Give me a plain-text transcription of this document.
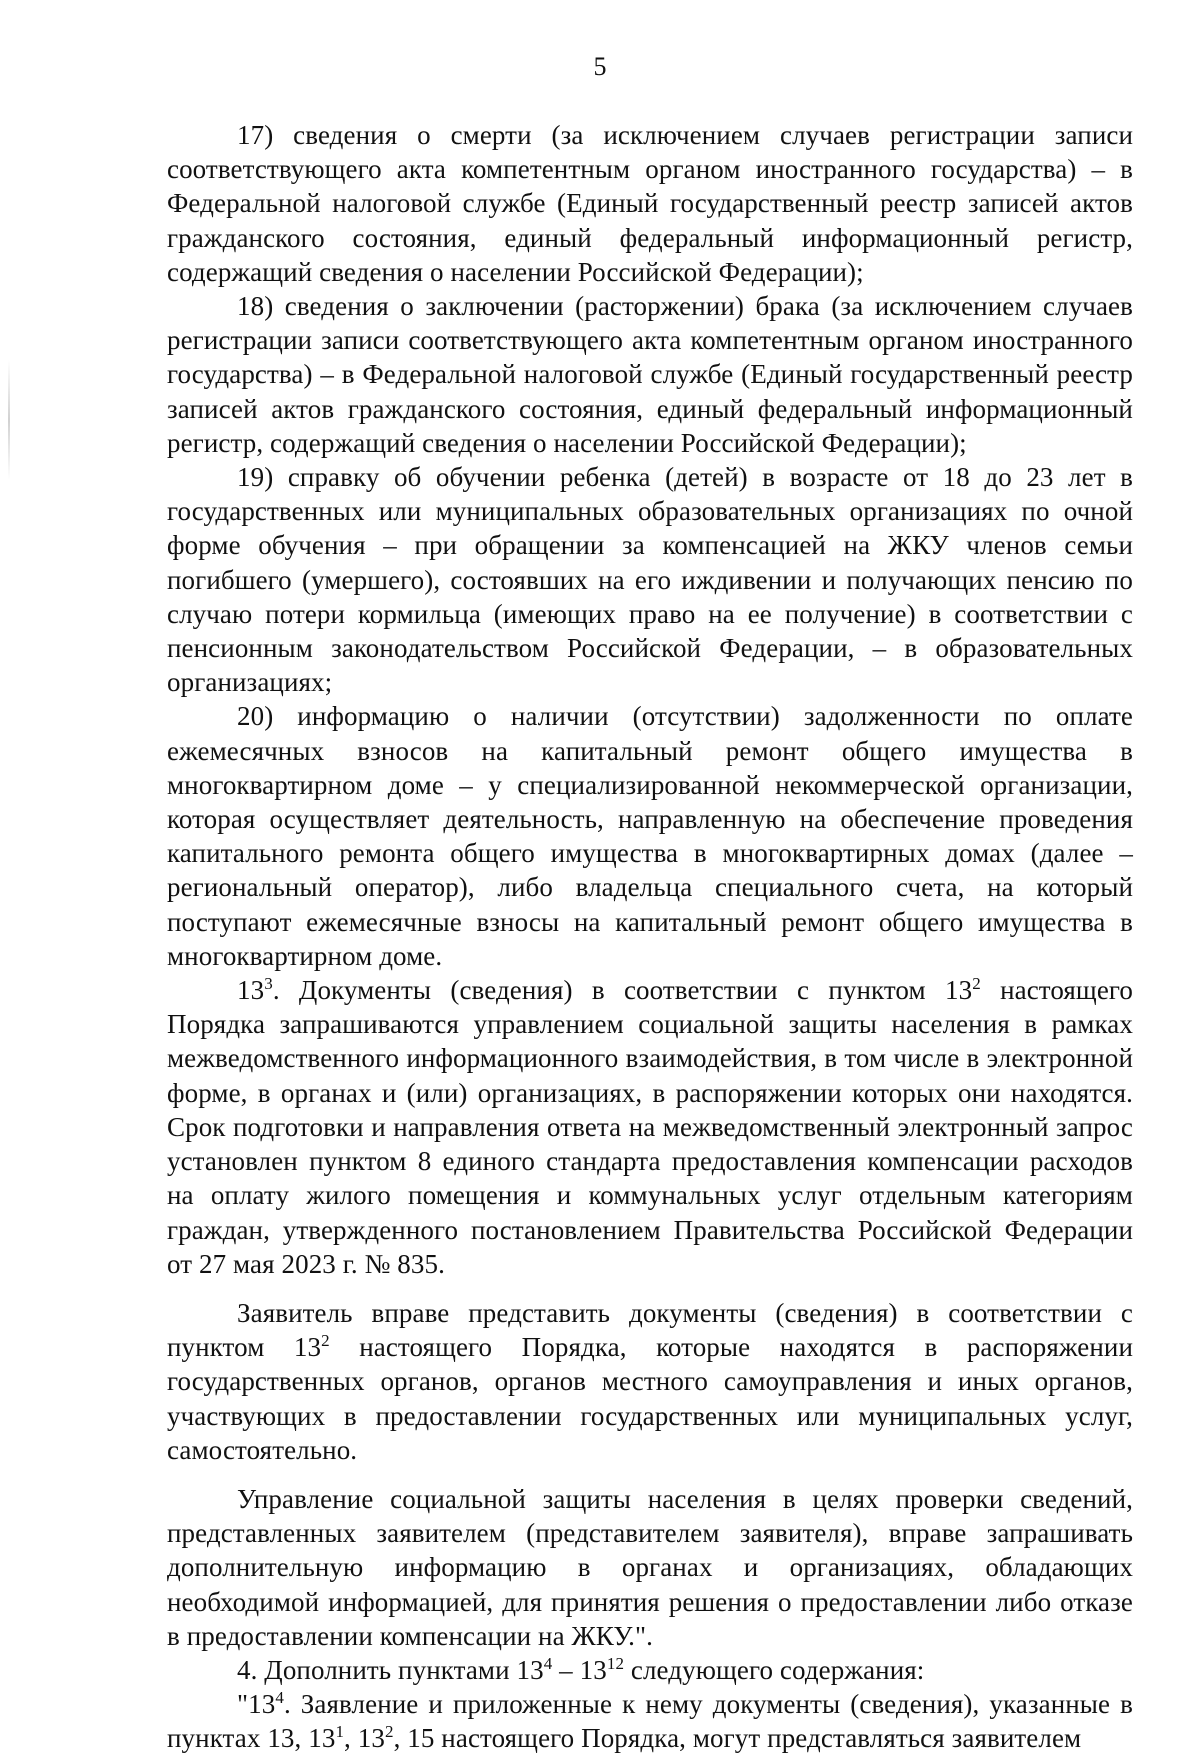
5

17) сведения о смерти (за исключением случаев регистрации записи соответствующего акта компетентным органом иностранного государства) – в Федеральной налоговой службе (Единый государственный реестр записей актов гражданского состояния, единый федеральный информационный регистр, содержащий сведения о населении Российской Федерации);

18) сведения о заключении (расторжении) брака (за исключением случаев регистрации записи соответствующего акта компетентным органом иностранного государства) – в Федеральной налоговой службе (Единый государственный реестр записей актов гражданского состояния, единый федеральный информационный регистр, содержащий сведения о населении Российской Федерации);

19) справку об обучении ребенка (детей) в возрасте от 18 до 23 лет в государственных или муниципальных образовательных организациях по очной форме обучения – при обращении за компенсацией на ЖКУ членов семьи погибшего (умершего), состоявших на его иждивении и получающих пенсию по случаю потери кормильца (имеющих право на ее получение) в соответствии с пенсионным законодательством Российской Федерации, – в образовательных организациях;

20) информацию о наличии (отсутствии) задолженности по оплате ежемесячных взносов на капитальный ремонт общего имущества в многоквартирном доме – у специализированной некоммерческой организации, которая осуществляет деятельность, направленную на обеспечение проведения капитального ремонта общего имущества в многоквартирных домах (далее – региональный оператор), либо владельца специального счета, на который поступают ежемесячные взносы на капитальный ремонт общего имущества в многоквартирном доме.

$13^3$. Документы (сведения) в соответствии с пунктом $13^2$ настоящего Порядка запрашиваются управлением социальной защиты населения в рамках межведомственного информационного взаимодействия, в том числе в электронной форме, в органах и (или) организациях, в распоряжении которых они находятся. Срок подготовки и направления ответа на межведомственный электронный запрос установлен пунктом 8 единого стандарта предоставления компенсации расходов на оплату жилого помещения и коммунальных услуг отдельным категориям граждан, утвержденного постановлением Правительства Российской Федерации от 27 мая 2023 г. № 835.

Заявитель вправе представить документы (сведения) в соответствии с пунктом $13^2$ настоящего Порядка, которые находятся в распоряжении государственных органов, органов местного самоуправления и иных органов, участвующих в предоставлении государственных или муниципальных услуг, самостоятельно.

Управление социальной защиты населения в целях проверки сведений, представленных заявителем (представителем заявителя), вправе запрашивать дополнительную информацию в органах и организациях, обладающих необходимой информацией, для принятия решения о предоставлении либо отказе в предоставлении компенсации на ЖКУ.".

4. Дополнить пунктами $13^4 - 13^{12}$ следующего содержания:

"$13^4$. Заявление и приложенные к нему документы (сведения), указанные в пунктах 13, $13^1$, $13^2$, 15 настоящего Порядка, могут представляться заявителем
